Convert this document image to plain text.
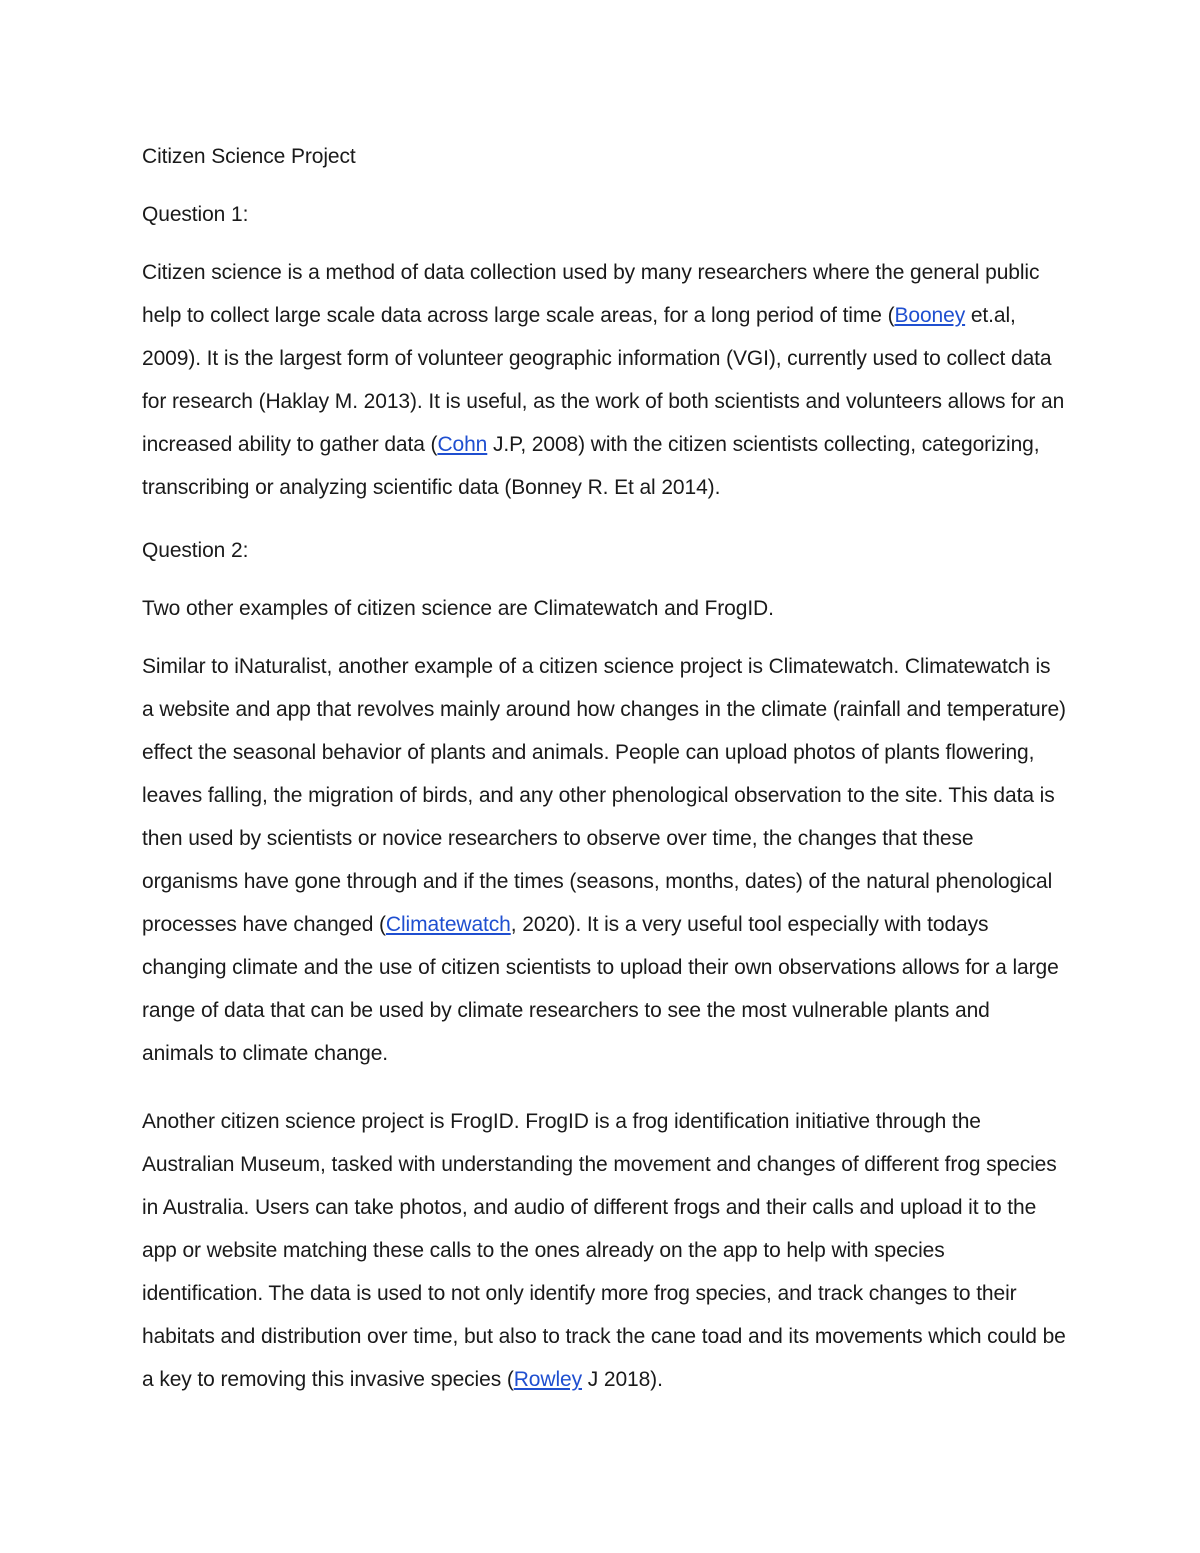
Citizen Science Project

Question 1:

Citizen science is a method of data collection used by many researchers where the general public help to collect large scale data across large scale areas, for a long period of time (Booney et.al, 2009). It is the largest form of volunteer geographic information (VGI), currently used to collect data for research (Haklay M. 2013). It is useful, as the work of both scientists and volunteers allows for an increased ability to gather data (Cohn J.P, 2008) with the citizen scientists collecting, categorizing, transcribing or analyzing scientific data (Bonney R. Et al 2014).

Question 2:

Two other examples of citizen science are Climatewatch and FrogID.

Similar to iNaturalist, another example of a citizen science project is Climatewatch. Climatewatch is a website and app that revolves mainly around how changes in the climate (rainfall and temperature) effect the seasonal behavior of plants and animals. People can upload photos of plants flowering, leaves falling, the migration of birds, and any other phenological observation to the site. This data is then used by scientists or novice researchers to observe over time, the changes that these organisms have gone through and if the times (seasons, months, dates) of the natural phenological processes have changed (Climatewatch, 2020). It is a very useful tool especially with todays changing climate and the use of citizen scientists to upload their own observations allows for a large range of data that can be used by climate researchers to see the most vulnerable plants and animals to climate change.

Another citizen science project is FrogID. FrogID is a frog identification initiative through the Australian Museum, tasked with understanding the movement and changes of different frog species in Australia. Users can take photos, and audio of different frogs and their calls and upload it to the app or website matching these calls to the ones already on the app to help with species identification. The data is used to not only identify more frog species, and track changes to their habitats and distribution over time, but also to track the cane toad and its movements which could be a key to removing this invasive species (Rowley J 2018).
